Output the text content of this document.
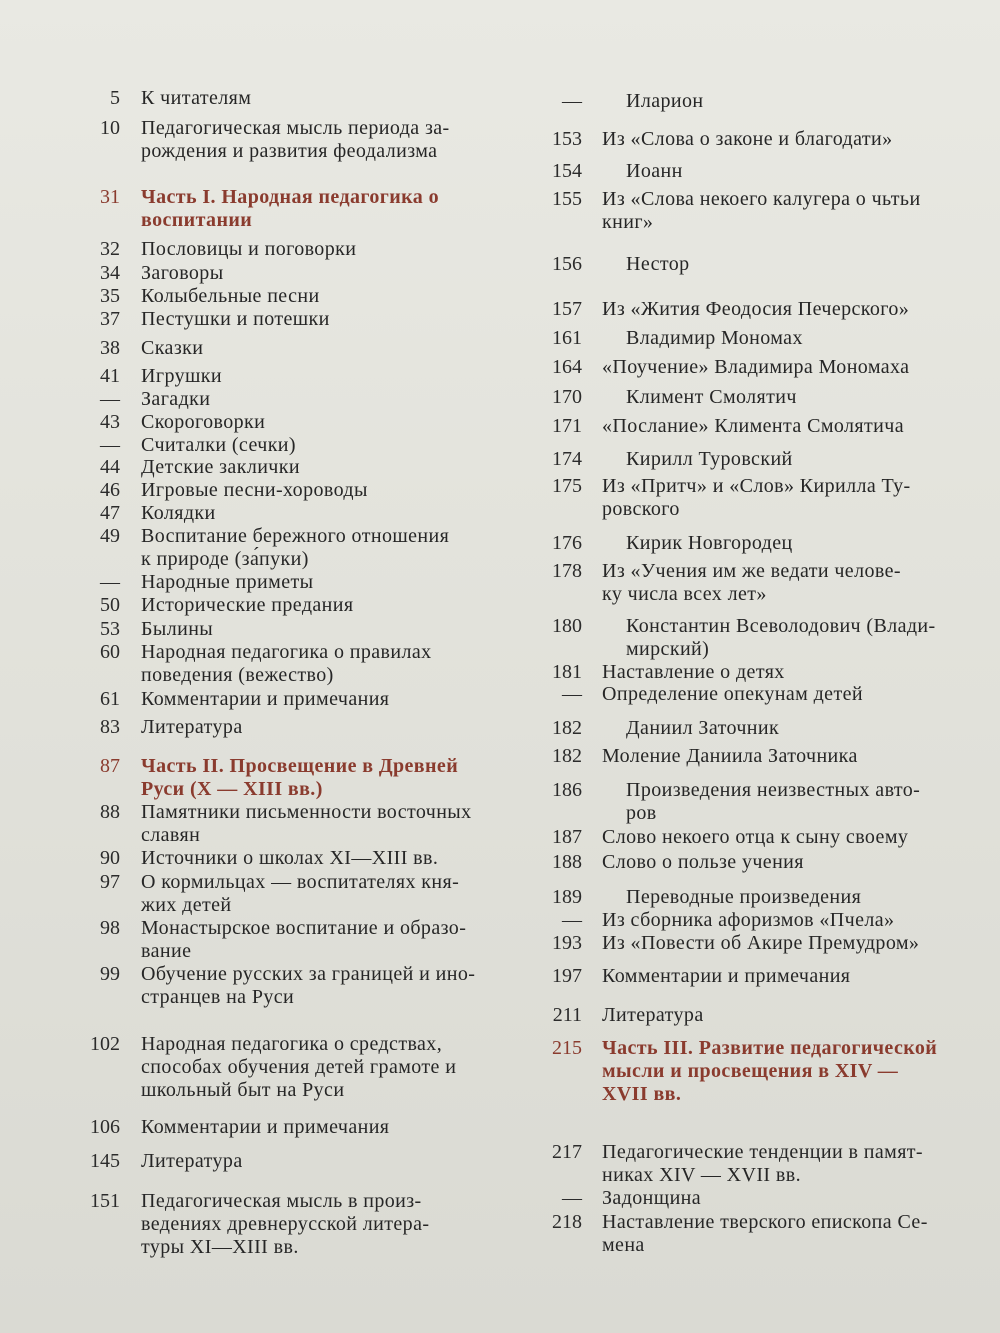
5 К читателям
10 Педагогическая мысль периода за-
рождения и развития феодализма
31 Часть I. Народная педагогика о
воспитании
32 Пословицы и поговорки
34 Заговоры
35 Колыбельные песни
37 Пестушки и потешки
38 Сказки
41 Игрушки
— Загадки
43 Скороговорки
— Считалки (сечки)
44 Детские заклички
46 Игровые песни-хороводы
47 Колядки
49 Воспитание бережного отношения
к природе (за́пуки)
— Народные приметы
50 Исторические предания
53 Былины
60 Народная педагогика о правилах
поведения (вежество)
61 Комментарии и примечания
83 Литература
87 Часть II. Просвещение в Древней
Руси (X — XIII вв.)
88 Памятники письменности восточных
славян
90 Источники о школах XI—XIII вв.
97 О кормильцах — воспитателях кня-
жих детей
98 Монастырское воспитание и образо-
вание
99 Обучение русских за границей и ино-
странцев на Руси
102 Народная педагогика о средствах,
способах обучения детей грамоте и
школьный быт на Руси
106 Комментарии и примечания
145 Литература
151 Педагогическая мысль в произ-
ведениях древнерусской литера-
туры XI—XIII вв.
— Иларион
153 Из «Слова о законе и благодати»
154 Иоанн
155 Из «Слова некоего калугера о чьтьи
книг»
156 Нестор
157 Из «Жития Феодосия Печерского»
161 Владимир Мономах
164 «Поучение» Владимира Мономаха
170 Климент Смолятич
171 «Послание» Климента Смолятича
174 Кирилл Туровский
175 Из «Притч» и «Слов» Кирилла Ту-
ровского
176 Кирик Новгородец
178 Из «Учения им же ведати челове-
ку числа всех лет»
180 Константин Всеволодович (Влади-
мирский)
181 Наставление о детях
— Определение опекунам детей
182 Даниил Заточник
182 Моление Даниила Заточника
186 Произведения неизвестных авто-
ров
187 Слово некоего отца к сыну своему
188 Слово о пользе учения
189 Переводные произведения
— Из сборника афоризмов «Пчела»
193 Из «Повести об Акире Премудром»
197 Комментарии и примечания
211 Литература
215 Часть III. Развитие педагогической
мысли и просвещения в XIV —
XVII вв.
217 Педагогические тенденции в памят-
никах XIV — XVII вв.
— Задонщина
218 Наставление тверского епископа Се-
мена
